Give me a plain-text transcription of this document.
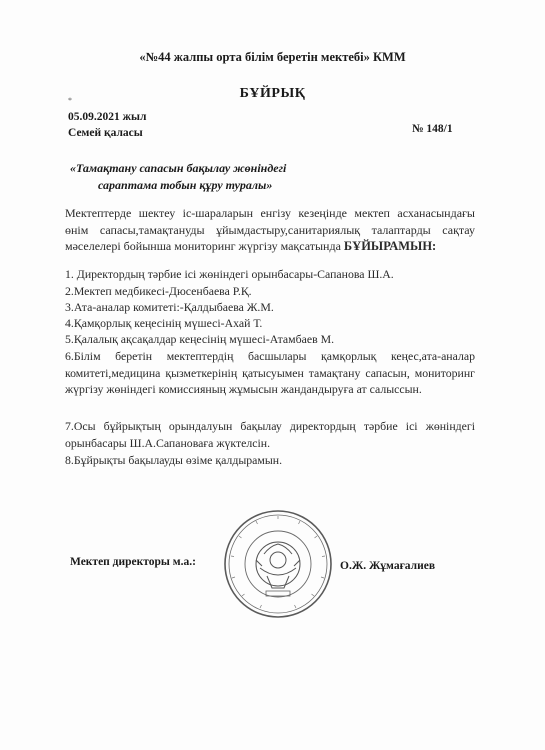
«№44 жалпы орта білім беретін мектебі» КММ
БҰЙРЫҚ
*
05.09.2021 жыл
Семей қаласы	№ 148/1
«Тамақтану сапасын бақылау жөніндегі
сараптама тобын құру туралы»
Мектептерде шектеу іс-шараларын енгізу кезеңінде мектеп асханасындағы өнім сапасы,тамақтануды ұйымдастыру,санитариялық талаптарды сақтау мәселелері бойынша мониторинг жүргізу мақсатында БҰЙЫРАМЫН:
1. Директордың тәрбие ісі жөніндегі орынбасары-Сапанова Ш.А.
2.Мектеп медбикесі-Дюсенбаева Р.Қ.
3.Ата-аналар комитеті:-Қалдыбаева Ж.М.
4.Қамқорлық кеңесінің мүшесі-Ахай Т.
5.Қалалық ақсақалдар кеңесінің мүшесі-Атамбаев М.
6.Білім беретін мектептердің басшылары қамқорлық кеңес,ата-аналар комитеті,медицина қызметкерінің қатысуымен тамақтану сапасын, мониторинг жүргізу жөніндегі комиссияның жұмысын жандандыруға ат салыссын.
7.Осы бұйрықтың орындалуын бақылау директордың тәрбие ісі жөніндегі орынбасары Ш.А.Сапановаға жүктелсін.
8.Бұйрықты бақылауды өзіме қалдырамын.
Мектеп директоры м.а.:	О.Ж. Жұмағалиев
